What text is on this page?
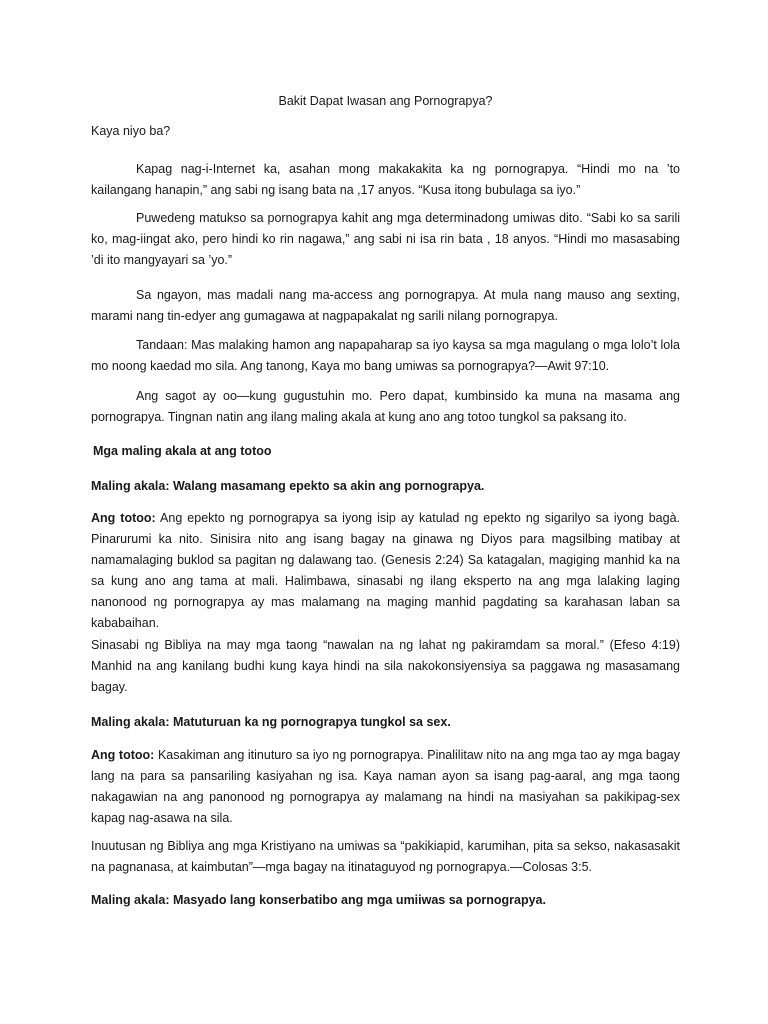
Bakit Dapat Iwasan ang Pornograpya?

Kaya niyo ba?

Kapag nag-i-Internet ka, asahan mong makakakita ka ng pornograpya. “Hindi mo na ’to kailangang hanapin,” ang sabi ng isang bata na ,17 anyos. “Kusa itong bubulaga sa iyo.”

Puwedeng matukso sa pornograpya kahit ang mga determinadong umiwas dito. “Sabi ko sa sarili ko, mag-iingat ako, pero hindi ko rin nagawa,” ang sabi ni isa rin bata , 18 anyos. “Hindi mo masasabing ’di ito mangyayari sa ’yo.”

Sa ngayon, mas madali nang ma-access ang pornograpya. At mula nang mauso ang sexting, marami nang tin-edyer ang gumagawa at nagpapakalat ng sarili nilang pornograpya.

Tandaan: Mas malaking hamon ang napapaharap sa iyo kaysa sa mga magulang o mga lolo’t lola mo noong kaedad mo sila. Ang tanong, Kaya mo bang umiwas sa pornograpya?—Awit 97:10.

Ang sagot ay oo—kung gugustuhin mo. Pero dapat, kumbinsido ka muna na masama ang pornograpya. Tingnan natin ang ilang maling akala at kung ano ang totoo tungkol sa paksang ito.

Mga maling akala at ang totoo

Maling akala: Walang masamang epekto sa akin ang pornograpya.

Ang totoo: Ang epekto ng pornograpya sa iyong isip ay katulad ng epekto ng sigarilyo sa iyong bagà. Pinarurumi ka nito. Sinisira nito ang isang bagay na ginawa ng Diyos para magsilbing matibay at namamalaging buklod sa pagitan ng dalawang tao. (Genesis 2:24) Sa katagalan, magiging manhid ka na sa kung ano ang tama at mali. Halimbawa, sinasabi ng ilang eksperto na ang mga lalaking laging nanonood ng pornograpya ay mas malamang na maging manhid pagdating sa karahasan laban sa kababaihan.

Sinasabi ng Bibliya na may mga taong “nawalan na ng lahat ng pakiramdam sa moral.” (Efeso 4:19) Manhid na ang kanilang budhi kung kaya hindi na sila nakokonsiyensiya sa paggawa ng masasamang bagay.

Maling akala: Matuturuan ka ng pornograpya tungkol sa sex.

Ang totoo: Kasakiman ang itinuturo sa iyo ng pornograpya. Pinalilitaw nito na ang mga tao ay mga bagay lang na para sa pansariling kasiyahan ng isa. Kaya naman ayon sa isang pag-aaral, ang mga taong nakagawian na ang panonood ng pornograpya ay malamang na hindi na masiyahan sa pakikipag-sex kapag nag-asawa na sila.

Inuutusan ng Bibliya ang mga Kristiyano na umiwas sa “pakikiapid, karumihan, pita sa sekso, nakasasakit na pagnanasa, at kaimbutan”—mga bagay na itinataguyod ng pornograpya.—Colosas 3:5.

Maling akala: Masyado lang konserbatibo ang mga umiiwas sa pornograpya.
